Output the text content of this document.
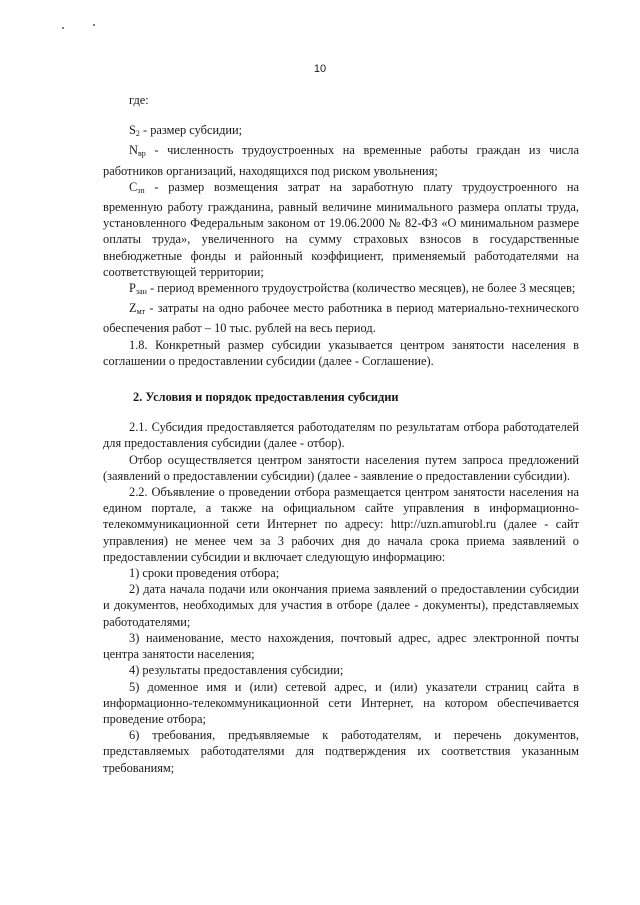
10

где:

$S_2$ - размер субсидии;

$N_{вр}$ - численность трудоустроенных на временные работы граждан из числа работников организаций, находящихся под риском увольнения;

$C_{зп}$ - размер возмещения затрат на заработную плату трудоустроенного на временную работу гражданина, равный величине минимального размера оплаты труда, установленного Федеральным законом от 19.06.2000 № 82-ФЗ «О минимальном размере оплаты труда», увеличенного на сумму страховых взносов в государственные внебюджетные фонды и районный коэффициент, применяемый работодателями на соответствующей территории;

$P_{зан}$ - период временного трудоустройства (количество месяцев), не более 3 месяцев;

$Z_{мт}$ - затраты на одно рабочее место работника в период материально-технического обеспечения работ – 10 тыс. рублей на весь период.

1.8. Конкретный размер субсидии указывается центром занятости населения в соглашении о предоставлении субсидии (далее - Соглашение).

2. Условия и порядок предоставления субсидии

2.1. Субсидия предоставляется работодателям по результатам отбора работодателей для предоставления субсидии (далее - отбор).

Отбор осуществляется центром занятости населения путем запроса предложений (заявлений о предоставлении субсидии) (далее - заявление о предоставлении субсидии).

2.2. Объявление о проведении отбора размещается центром занятости населения на едином портале, а также на официальном сайте управления в информационно-телекоммуникационной сети Интернет по адресу: http://uzn.amurobl.ru (далее - сайт управления) не менее чем за 3 рабочих дня до начала срока приема заявлений о предоставлении субсидии и включает следующую информацию:

1) сроки проведения отбора;

2) дата начала подачи или окончания приема заявлений о предоставлении субсидии и документов, необходимых для участия в отборе (далее - документы), представляемых работодателями;

3) наименование, место нахождения, почтовый адрес, адрес электронной почты центра занятости населения;

4) результаты предоставления субсидии;

5) доменное имя и (или) сетевой адрес, и (или) указатели страниц сайта в информационно-телекоммуникационной сети Интернет, на котором обеспечивается проведение отбора;

6) требования, предъявляемые к работодателям, и перечень документов, представляемых работодателями для подтверждения их соответствия указанным требованиям;
